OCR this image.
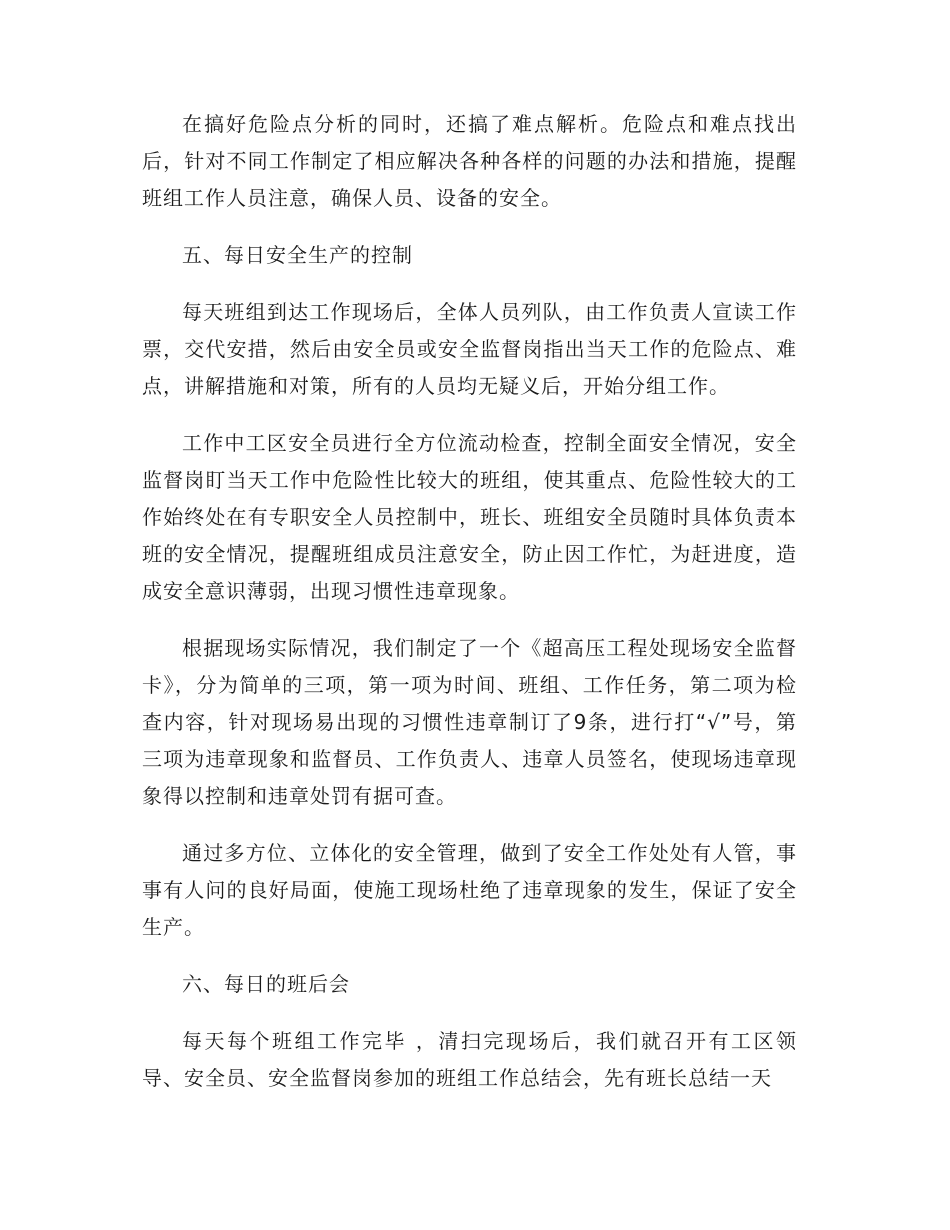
在搞好危险点分析的同时，还搞了难点解析。危险点和难点找出后，针对不同工作制定了相应解决各种各样的问题的办法和措施，提醒班组工作人员注意，确保人员、设备的安全。

五、每日安全生产的控制

每天班组到达工作现场后，全体人员列队，由工作负责人宣读工作票，交代安措，然后由安全员或安全监督岗指出当天工作的危险点、难点，讲解措施和对策，所有的人员均无疑义后，开始分组工作。

工作中工区安全员进行全方位流动检查，控制全面安全情况，安全监督岗盯当天工作中危险性比较大的班组，使其重点、危险性较大的工作始终处在有专职安全人员控制中，班长、班组安全员随时具体负责本班的安全情况，提醒班组成员注意安全，防止因工作忙，为赶进度，造成安全意识薄弱，出现习惯性违章现象。

根据现场实际情况，我们制定了一个《超高压工程处现场安全监督卡》，分为简单的三项，第一项为时间、班组、工作任务，第二项为检查内容，针对现场易出现的习惯性违章制订了9条，进行打“√”号，第三项为违章现象和监督员、工作负责人、违章人员签名，使现场违章现象得以控制和违章处罚有据可查。

通过多方位、立体化的安全管理，做到了安全工作处处有人管，事事有人问的良好局面，使施工现场杜绝了违章现象的发生，保证了安全生产。

六、每日的班后会

每天每个班组工作完毕 ，清扫完现场后，我们就召开有工区领导、安全员、安全监督岗参加的班组工作总结会，先有班长总结一天
